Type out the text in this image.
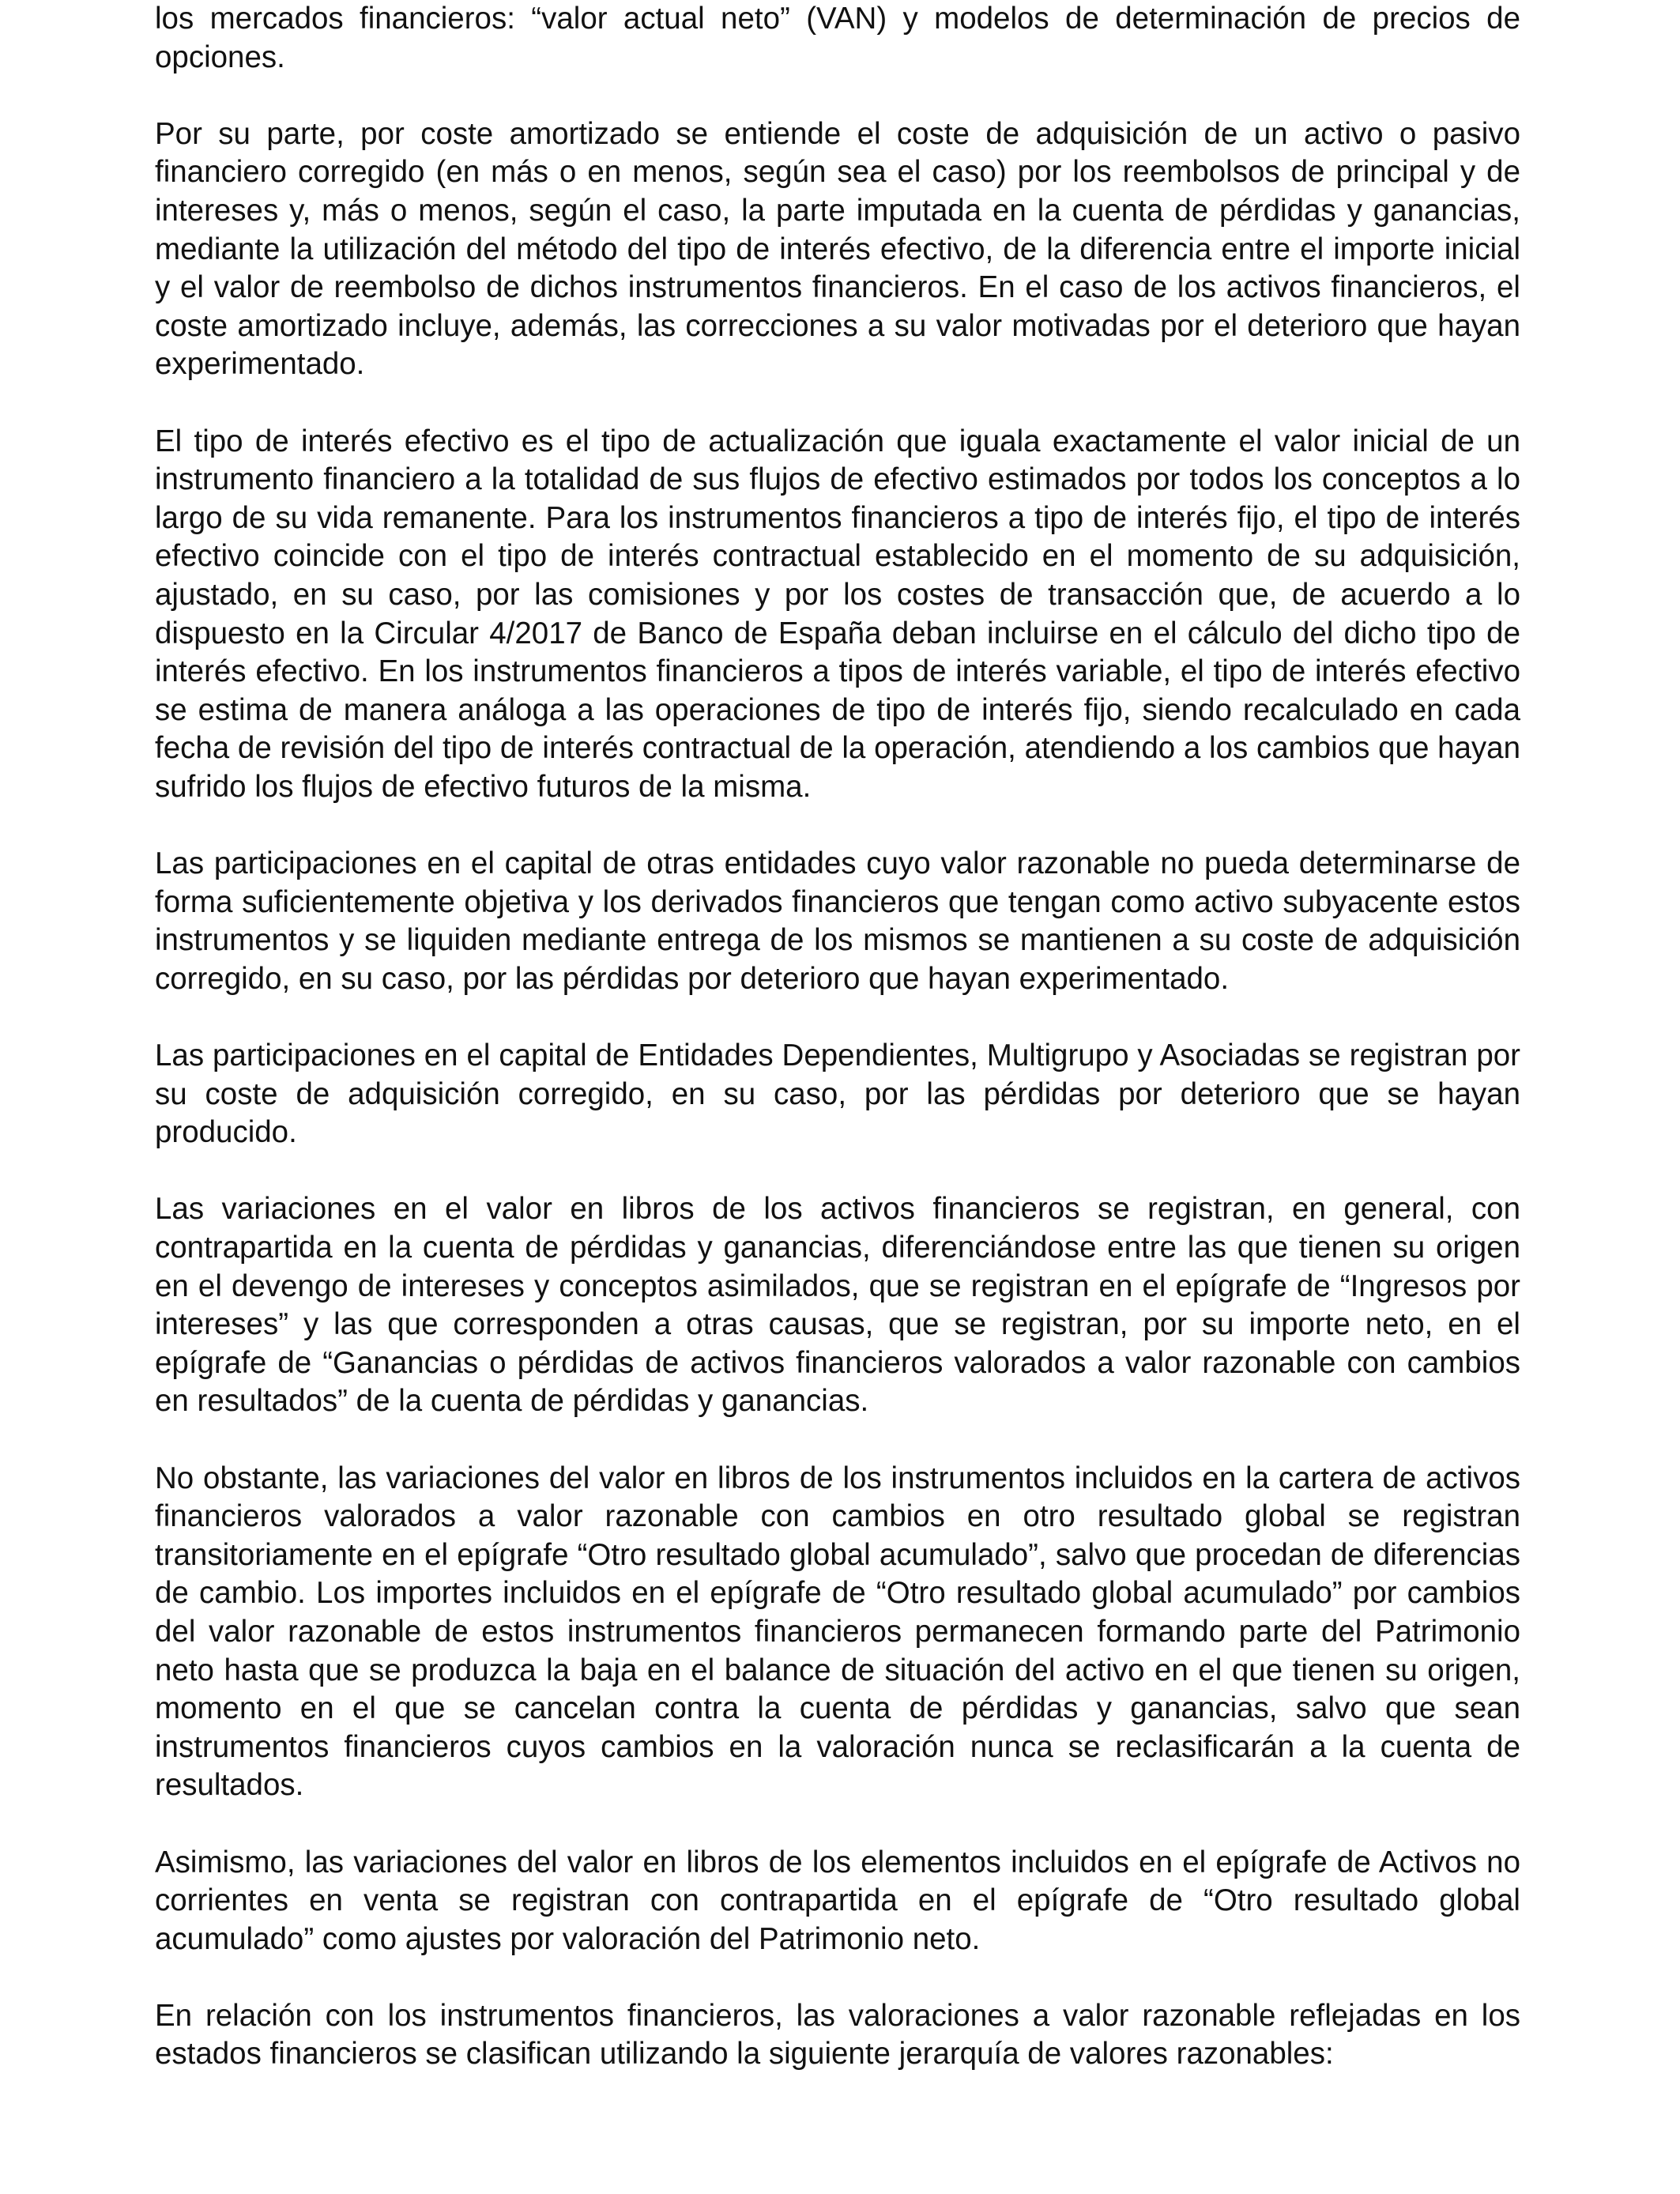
los mercados financieros: “valor actual neto” (VAN) y modelos de determinación de precios de opciones.

Por su parte, por coste amortizado se entiende el coste de adquisición de un activo o pasivo financiero corregido (en más o en menos, según sea el caso) por los reembolsos de principal y de intereses y, más o menos, según el caso, la parte imputada en la cuenta de pérdidas y ganancias, mediante la utilización del método del tipo de interés efectivo, de la diferencia entre el importe inicial y el valor de reembolso de dichos instrumentos financieros. En el caso de los activos financieros, el coste amortizado incluye, además, las correcciones a su valor motivadas por el deterioro que hayan experimentado.

El tipo de interés efectivo es el tipo de actualización que iguala exactamente el valor inicial de un instrumento financiero a la totalidad de sus flujos de efectivo estimados por todos los conceptos a lo largo de su vida remanente. Para los instrumentos financieros a tipo de interés fijo, el tipo de interés efectivo coincide con el tipo de interés contractual establecido en el momento de su adquisición, ajustado, en su caso, por las comisiones y por los costes de transacción que, de acuerdo a lo dispuesto en la Circular 4/2017 de Banco de España deban incluirse en el cálculo del dicho tipo de interés efectivo. En los instrumentos financieros a tipos de interés variable, el tipo de interés efectivo se estima de manera análoga a las operaciones de tipo de interés fijo, siendo recalculado en cada fecha de revisión del tipo de interés contractual de la operación, atendiendo a los cambios que hayan sufrido los flujos de efectivo futuros de la misma.

Las participaciones en el capital de otras entidades cuyo valor razonable no pueda determinarse de forma suficientemente objetiva y los derivados financieros que tengan como activo subyacente estos instrumentos y se liquiden mediante entrega de los mismos se mantienen a su coste de adquisición corregido, en su caso, por las pérdidas por deterioro que hayan experimentado.

Las participaciones en el capital de Entidades Dependientes, Multigrupo y Asociadas se registran por su coste de adquisición corregido, en su caso, por las pérdidas por deterioro que se hayan producido.

Las variaciones en el valor en libros de los activos financieros se registran, en general, con contrapartida en la cuenta de pérdidas y ganancias, diferenciándose entre las que tienen su origen en el devengo de intereses y conceptos asimilados, que se registran en el epígrafe de “Ingresos por intereses” y las que corresponden a otras causas, que se registran, por su importe neto, en el epígrafe de “Ganancias o pérdidas de activos financieros valorados a valor razonable con cambios en resultados” de la cuenta de pérdidas y ganancias.

No obstante, las variaciones del valor en libros de los instrumentos incluidos en la cartera de activos financieros valorados a valor razonable con cambios en otro resultado global se registran transitoriamente en el epígrafe “Otro resultado global acumulado”, salvo que procedan de diferencias de cambio. Los importes incluidos en el epígrafe de “Otro resultado global acumulado” por cambios del valor razonable de estos instrumentos financieros permanecen formando parte del Patrimonio neto hasta que se produzca la baja en el balance de situación del activo en el que tienen su origen, momento en el que se cancelan contra la cuenta de pérdidas y ganancias, salvo que sean instrumentos financieros cuyos cambios en la valoración nunca se reclasificarán a la cuenta de resultados.

Asimismo, las variaciones del valor en libros de los elementos incluidos en el epígrafe de Activos no corrientes en venta se registran con contrapartida en el epígrafe de “Otro resultado global acumulado” como ajustes por valoración del Patrimonio neto.

En relación con los instrumentos financieros, las valoraciones a valor razonable reflejadas en los estados financieros se clasifican utilizando la siguiente jerarquía de valores razonables:
